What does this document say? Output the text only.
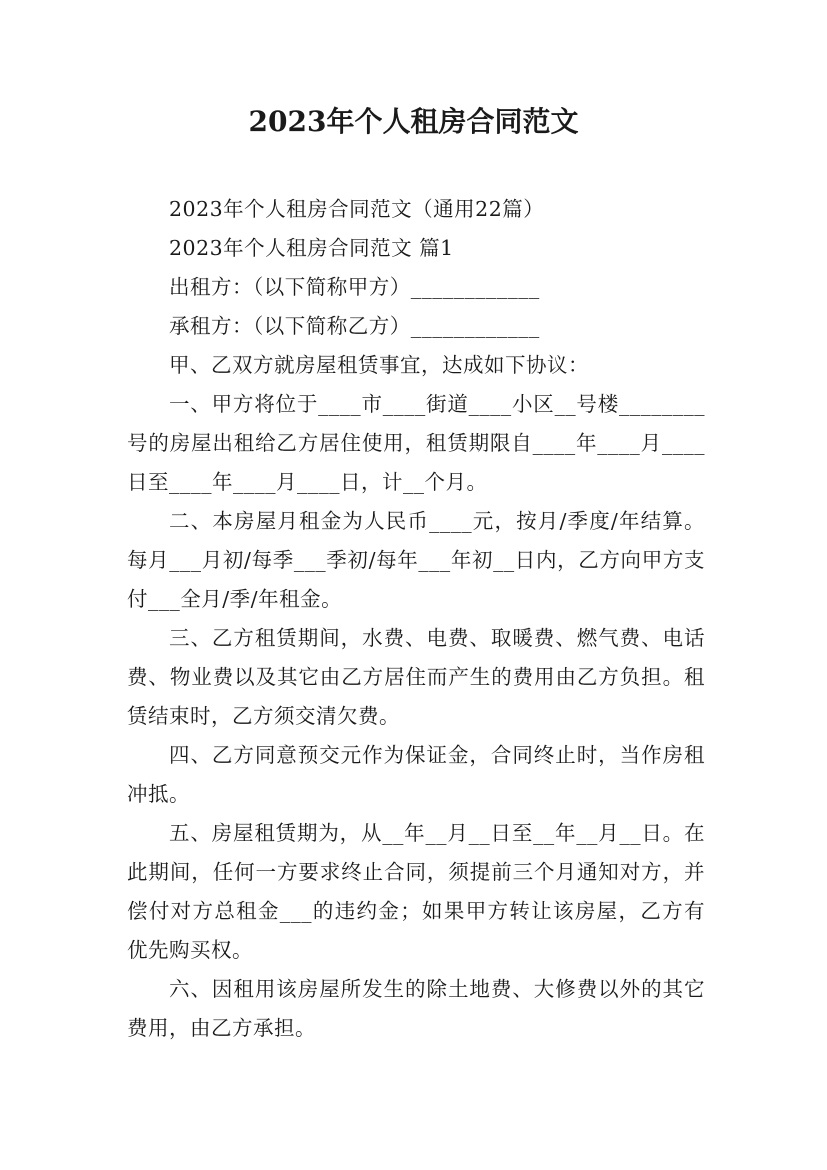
2023年个人租房合同范文

2023年个人租房合同范文（通用22篇）

2023年个人租房合同范文 篇1

出租方：（以下简称甲方）____________

承租方：（以下简称乙方）____________

甲、乙双方就房屋租赁事宜，达成如下协议：

一、甲方将位于____市____街道____小区__号楼________号的房屋出租给乙方居住使用，租赁期限自____年____月____日至____年____月____日，计__个月。

二、本房屋月租金为人民币____元，按月/季度/年结算。每月___月初/每季___季初/每年___年初__日内，乙方向甲方支付___全月/季/年租金。

三、乙方租赁期间，水费、电费、取暖费、燃气费、电话费、物业费以及其它由乙方居住而产生的费用由乙方负担。租赁结束时，乙方须交清欠费。

四、乙方同意预交元作为保证金，合同终止时，当作房租冲抵。

五、房屋租赁期为，从__年__月__日至__年__月__日。在此期间，任何一方要求终止合同，须提前三个月通知对方，并偿付对方总租金___的违约金；如果甲方转让该房屋，乙方有优先购买权。

六、因租用该房屋所发生的除土地费、大修费以外的其它费用，由乙方承担。
